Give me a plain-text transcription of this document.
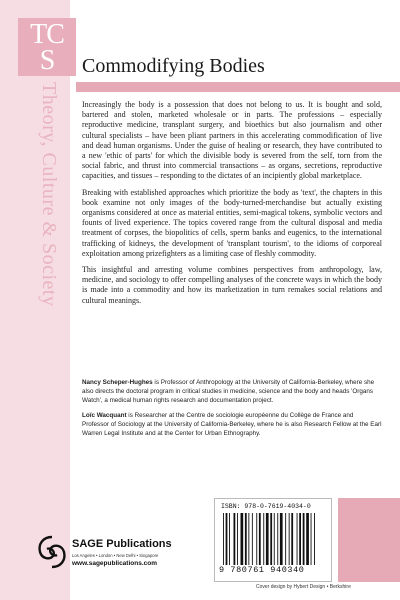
TC
S
Theory, Culture & Society
Commodifying Bodies

Increasingly the body is a possession that does not belong to us. It is bought and sold, bartered and stolen, marketed wholesale or in parts. The professions – especially reproductive medicine, transplant surgery, and bioethics but also journalism and other cultural specialists – have been pliant partners in this accelerating commodification of live and dead human organisms. Under the guise of healing or research, they have contributed to a new 'ethic of parts' for which the divisible body is severed from the self, torn from the social fabric, and thrust into commercial transactions – as organs, secretions, reproductive capacities, and tissues – responding to the dictates of an incipiently global marketplace.

Breaking with established approaches which prioritize the body as 'text', the chapters in this book examine not only images of the body-turned-merchandise but actually existing organisms considered at once as material entities, semi-magical tokens, symbolic vectors and founts of lived experience. The topics covered range from the cultural disposal and media treatment of corpses, the biopolitics of cells, sperm banks and eugenics, to the international trafficking of kidneys, the development of 'transplant tourism', to the idioms of corporeal exploitation among prizefighters as a limiting case of fleshly commodity.

This insightful and arresting volume combines perspectives from anthropology, law, medicine, and sociology to offer compelling analyses of the concrete ways in which the body is made into a commodity and how its marketization in turn remakes social relations and cultural meanings.

Nancy Scheper-Hughes is Professor of Anthropology at the University of California-Berkeley, where she also directs the doctoral program in critical studies in medicine, science and the body and heads 'Organs Watch', a medical human rights research and documentation project.

Loïc Wacquant is Researcher at the Centre de sociologie européenne du Collège de France and Professor of Sociology at the University of California-Berkeley, where he is also Research Fellow at the Earl Warren Legal Institute and at the Center for Urban Ethnography.

SAGE Publications
Los Angeles • London • New Delhi • Singapore
www.sagepublications.com
ISBN: 978-0-7619-4034-0
9 780761 940340
Cover design by Hybert Design • Berkshire
